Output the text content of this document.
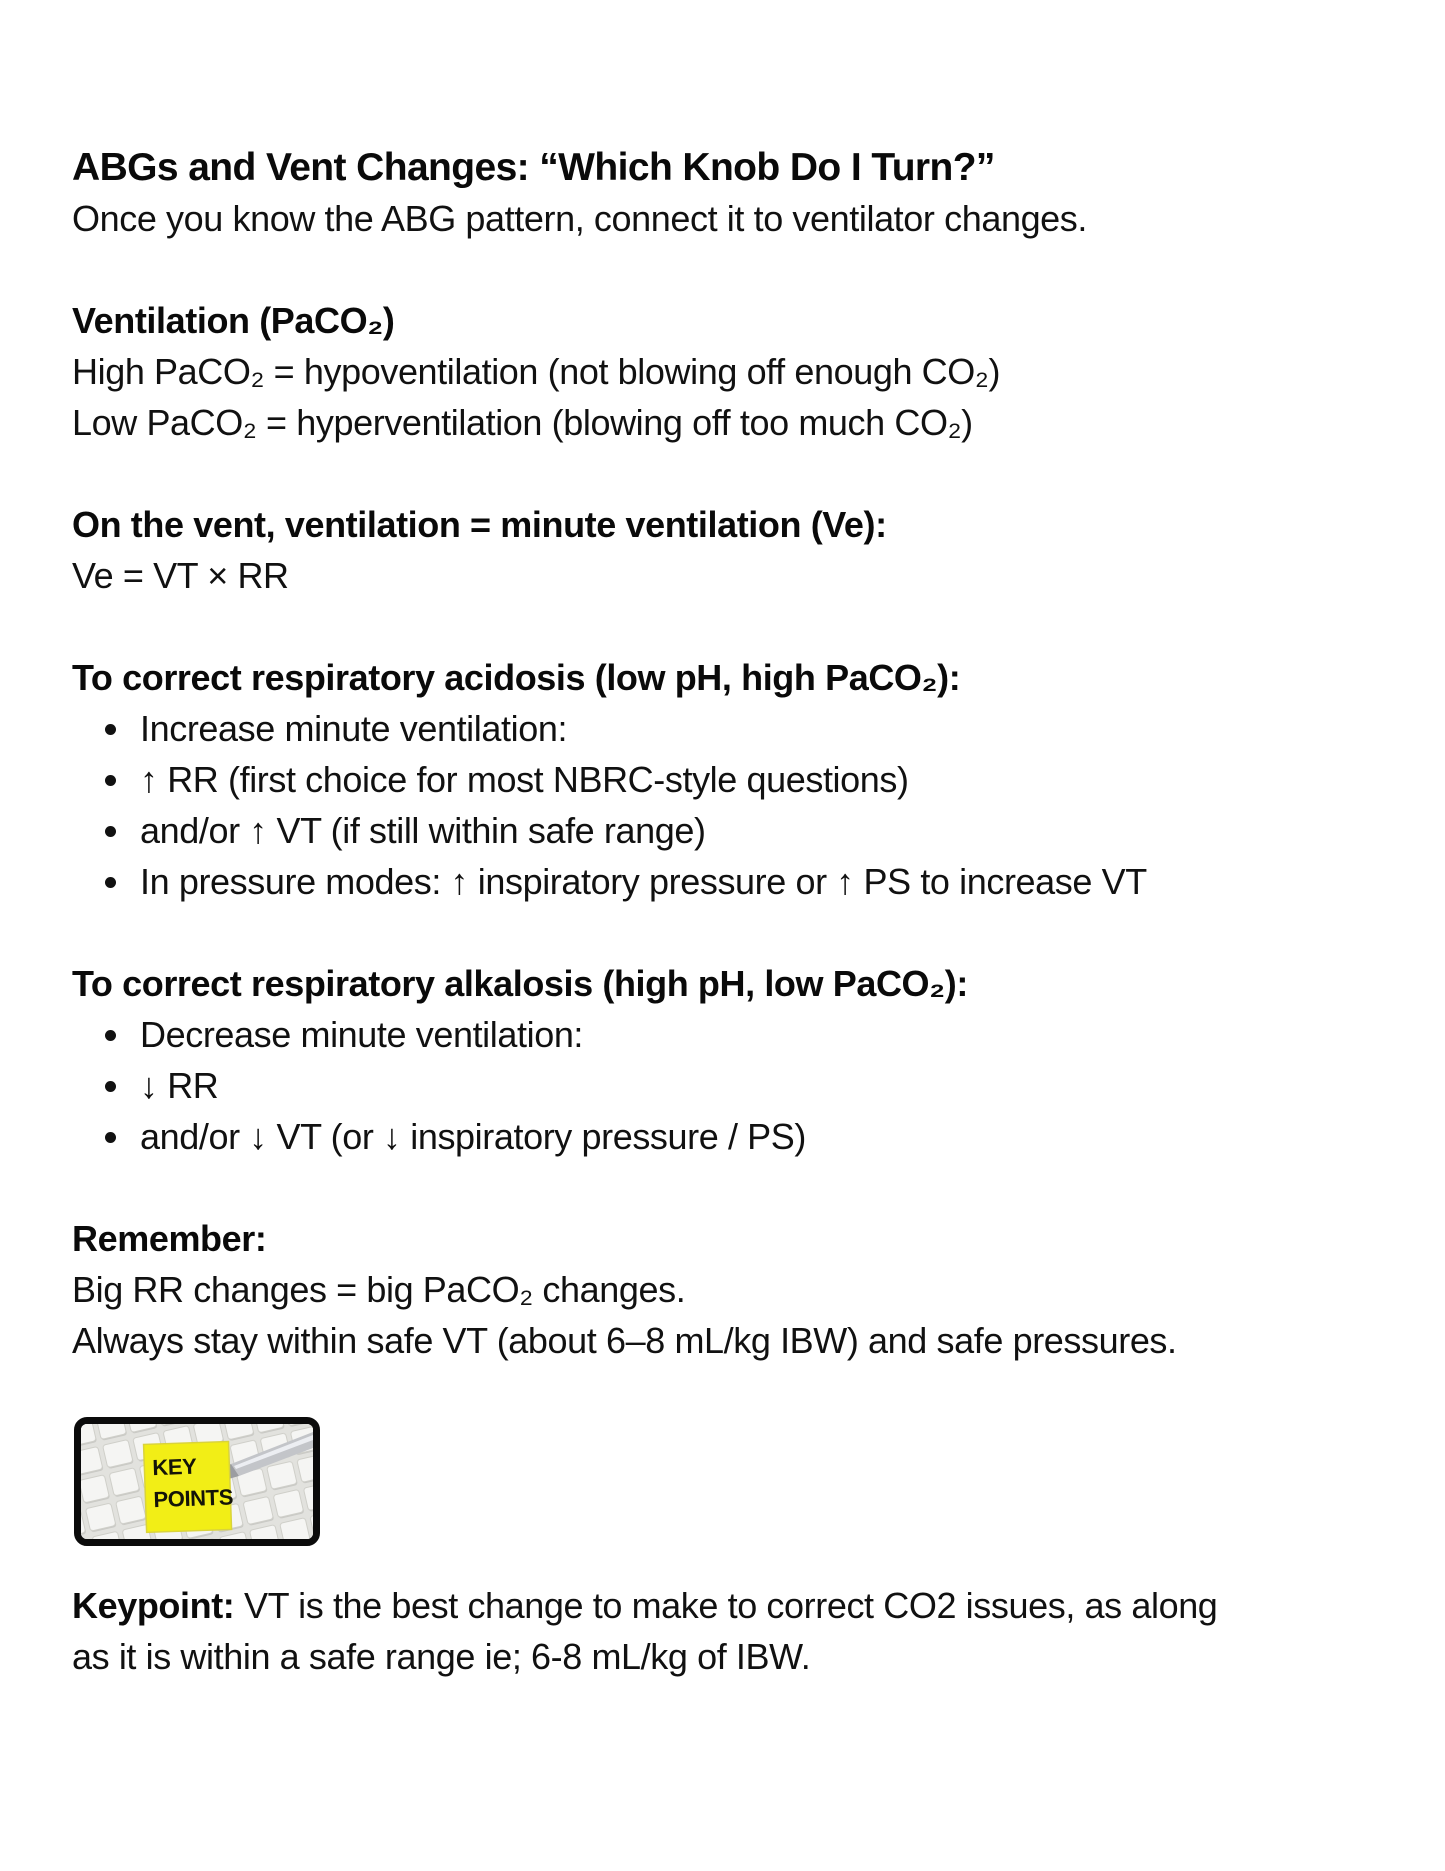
ABGs and Vent Changes: “Which Knob Do I Turn?”
Once you know the ABG pattern, connect it to ventilator changes.

Ventilation (PaCO₂)
High PaCO₂ = hypoventilation (not blowing off enough CO₂)
Low PaCO₂ = hyperventilation (blowing off too much CO₂)

On the vent, ventilation = minute ventilation (Ve):
Ve = VT × RR

To correct respiratory acidosis (low pH, high PaCO₂):
• Increase minute ventilation:
• ↑ RR (first choice for most NBRC-style questions)
• and/or ↑ VT (if still within safe range)
• In pressure modes: ↑ inspiratory pressure or ↑ PS to increase VT
To correct respiratory alkalosis (high pH, low PaCO₂):
• Decrease minute ventilation:
• ↓ RR
• and/or ↓ VT (or ↓ inspiratory pressure / PS)

Remember:
Big RR changes = big PaCO₂ changes.
Always stay within safe VT (about 6–8 mL/kg IBW) and safe pressures.

KEY
POINTS

Keypoint: VT is the best change to make to correct CO2 issues, as along
as it is within a safe range ie; 6-8 mL/kg of IBW.
